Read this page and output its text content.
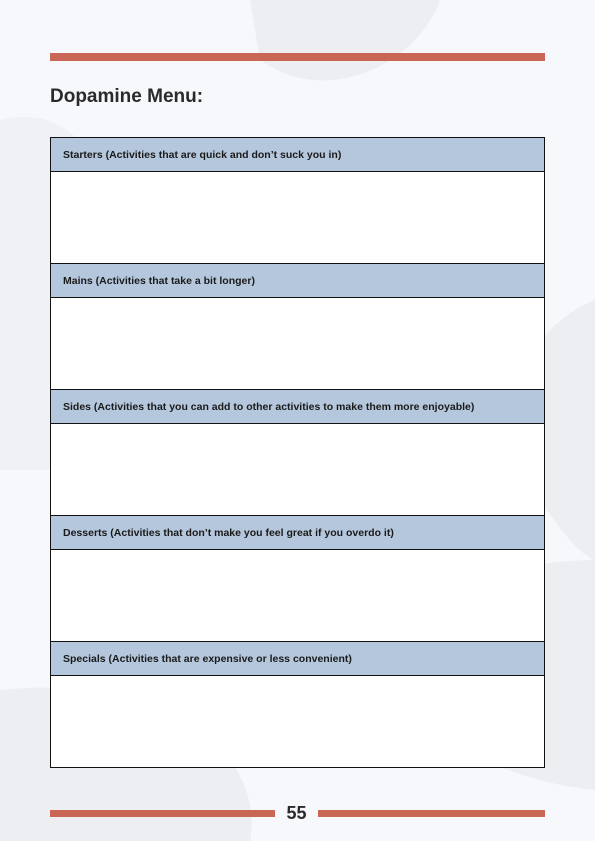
Dopamine Menu:
Starters (Activities that are quick and don’t suck you in)
Mains (Activities that take a bit longer)
Sides (Activities that you can add to other activities to make them more enjoyable)
Desserts (Activities that don’t make you feel great if you overdo it)
Specials (Activities that are expensive or less convenient)
55
